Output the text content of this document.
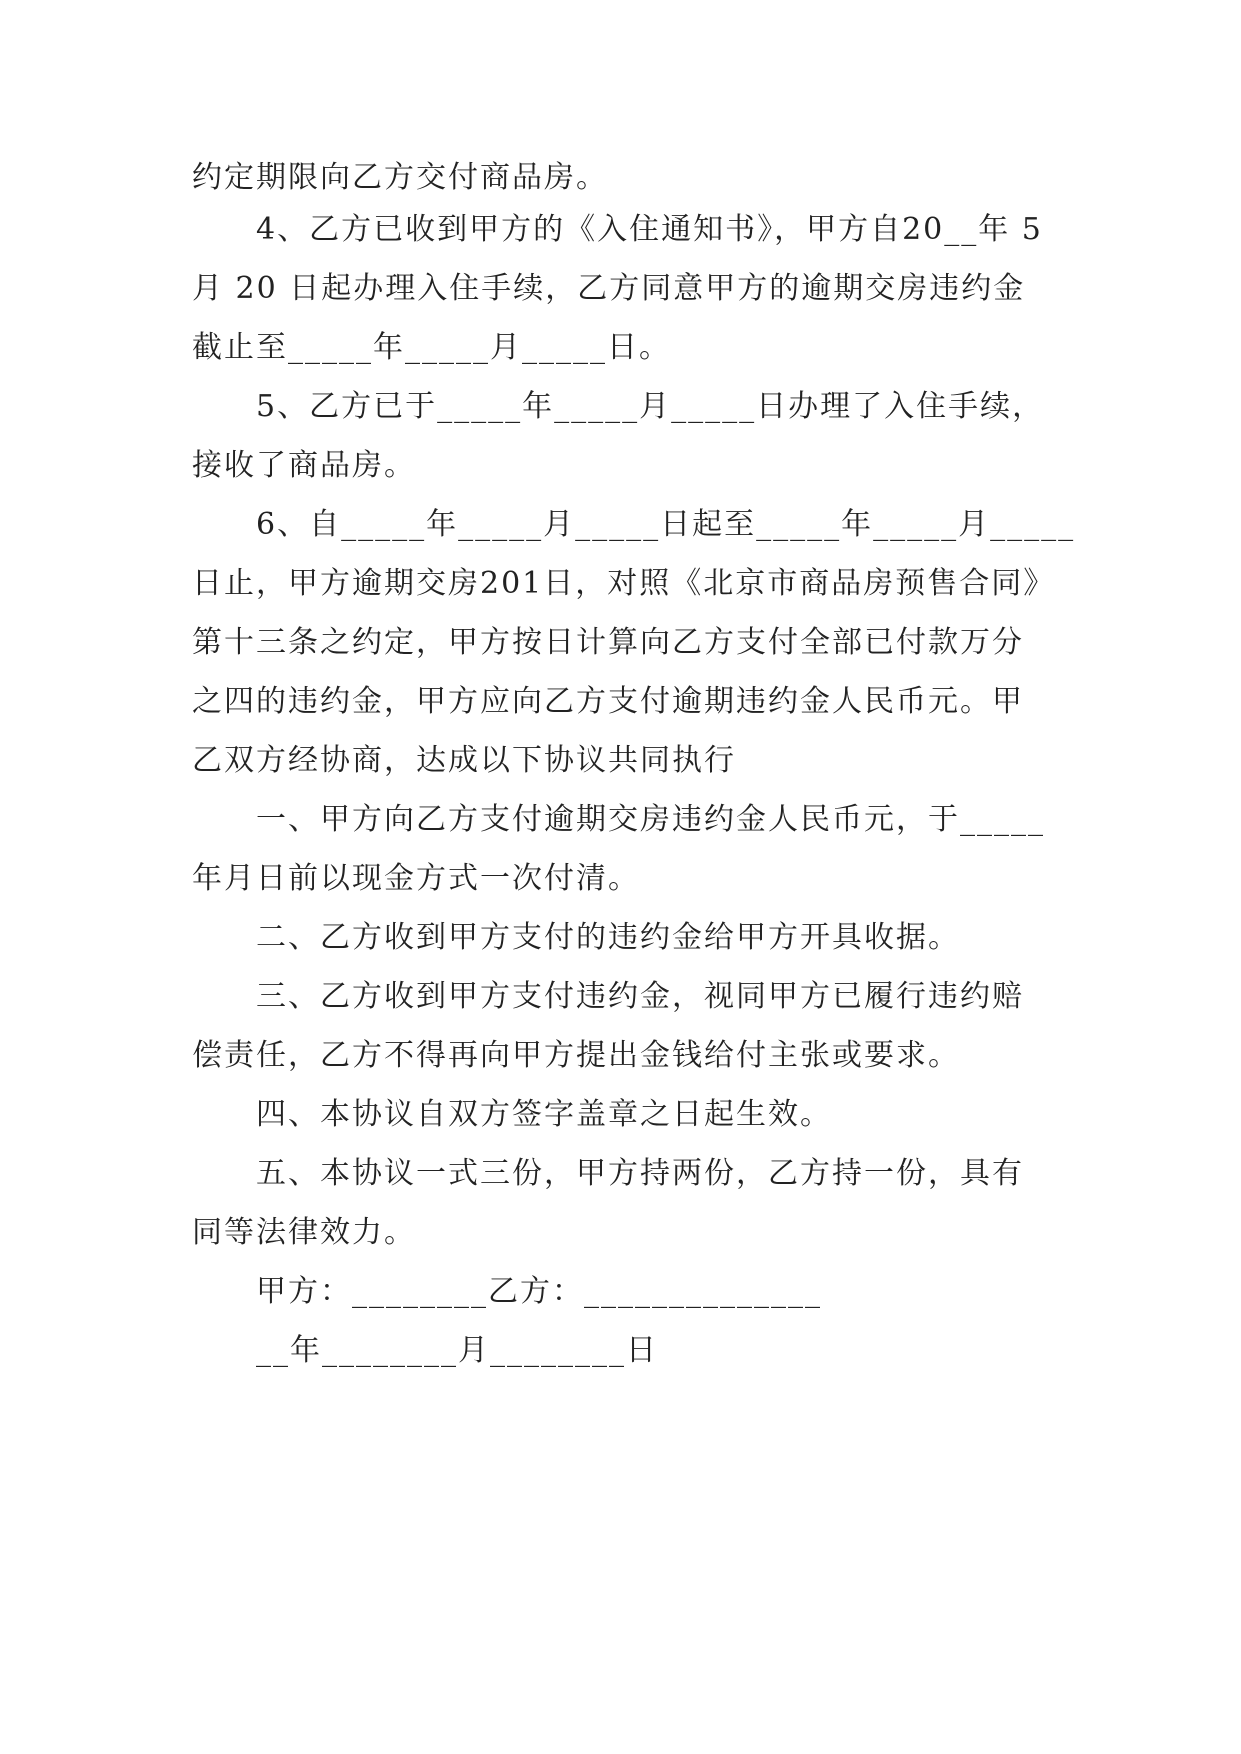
约定期限向乙方交付商品房。
4、乙方已收到甲方的《入住通知书》，甲方自20__年 5
月 20 日起办理入住手续，乙方同意甲方的逾期交房违约金
截止至_____年_____月_____日。
5、乙方已于_____年_____月_____日办理了入住手续，
接收了商品房。
6、自_____年_____月_____日起至_____年_____月_____
日止，甲方逾期交房201日，对照《北京市商品房预售合同》
第十三条之约定，甲方按日计算向乙方支付全部已付款万分
之四的违约金，甲方应向乙方支付逾期违约金人民币元。甲
乙双方经协商，达成以下协议共同执行
一、甲方向乙方支付逾期交房违约金人民币元，于_____
年月日前以现金方式一次付清。
二、乙方收到甲方支付的违约金给甲方开具收据。
三、乙方收到甲方支付违约金，视同甲方已履行违约赔
偿责任，乙方不得再向甲方提出金钱给付主张或要求。
四、本协议自双方签字盖章之日起生效。
五、本协议一式三份，甲方持两份，乙方持一份，具有
同等法律效力。
甲方：________乙方：______________
__年________月________日
